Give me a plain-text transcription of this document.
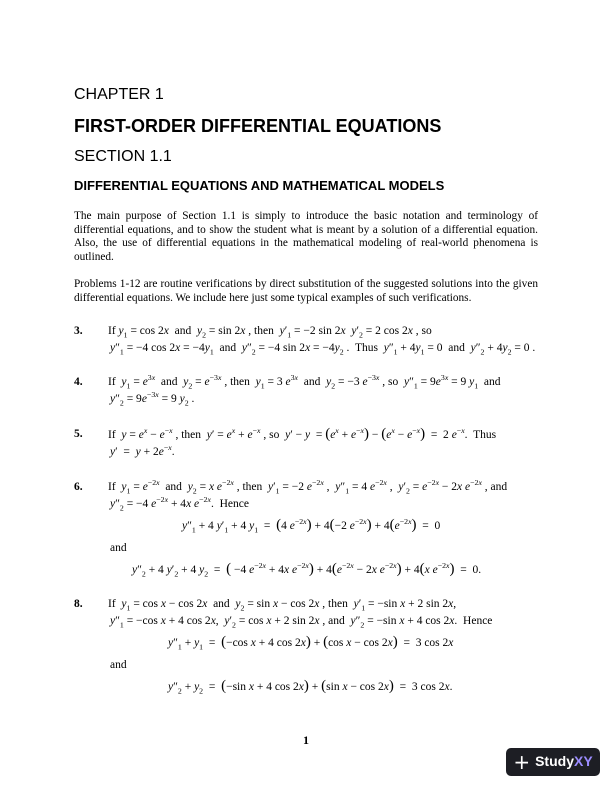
CHAPTER 1
FIRST-ORDER DIFFERENTIAL EQUATIONS
SECTION 1.1
DIFFERENTIAL EQUATIONS AND MATHEMATICAL MODELS
The main purpose of Section 1.1 is simply to introduce the basic notation and terminology of differential equations, and to show the student what is meant by a solution of a differential equation. Also, the use of differential equations in the mathematical modeling of real-world phenomena is outlined.
Problems 1-12 are routine verifications by direct substitution of the suggested solutions into the given differential equations. We include here just some typical examples of such verifications.
3. If $y_1 = \cos 2x$ and $y_2 = \sin 2x$ , then $y'_1 = -2$ sin 2x $y'_2 = 2$ cos 2x , so
$y''_1 = -4$ $\cos 2x = -4y_1$  and  $y''_2 = -4$ $\sin 2x = -4y_2$ .  Thus  $y''_1 + 4y_1 = 0$  and  $y''_2 + 4y_2 = 0$ .
4. If  $y_1 = e^{3x}$  and  $y_2 = e^{-3x}$ , then  $y_1 = 3$ $e^{3x}$  and  $y_2 = -3$ $e^{-3x}$ , so  $y''_1 = 9e^{3x} = 9$ $y_1$  and
$y''_2 = 9e^{-3x} = 9$ $y_2$ .
5. If  $y = e^x - e^{-x}$ , then  $y' = e^x + e^{-x}$ , so  $y' - y = (e^x + e^{-x}) - (e^x - e^{-x}) = 2$ $e^{-x}$.  Thus
$y' = y + 2e^{-x}$.
6. If  $y_1 = e^{-2x}$  and  $y_2 = x$ $e^{-2x}$ , then  $y'_1 = -2$ $e^{-2x}$ ,  $y''_1 = 4$ $e^{-2x}$ ,  $y'_2 = e^{-2x} - 2x$ $e^{-2x}$ , and
$y''_2 = -4$ $e^{-2x} + 4x$ $e^{-2x}$.  Hence
$y''_1 + 4$ $y'_1 + 4$ $y_1 = (4$ $e^{-2x}) + 4(-2$ $e^{-2x}) + 4(e^{-2x}) = 0$
and
$y''_2 + 4$ $y'_2 + 4$ $y_2$  =  ( −4 $e^{-2x} + 4x$ $e^{-2x}) + 4(e^{-2x} - 2x$ $e^{-2x}) + 4(x$ $e^{-2x}) = 0$.
8. If  $y_1 = \cos x - \cos 2x$  and  $y_2 = \sin x - \cos 2x$ , then  $y'_1 = -\sin$ x + 2 sin 2x,
$y''_1 = -\cos$ x + 4 cos 2x,  $y'_2 = \cos x + 2$ sin 2x , and  $y''_2 = -\sin$ x + 4 cos 2x.  Hence
$y''_1 + y_1 = (-\cos$ x + 4 cos 2x) + (cos x − cos 2x)  =  3 cos 2x
and
$y''_2 + y_2 = (-\sin$ x + 4 cos 2x) + (sin x − cos 2x)  =  3 cos 2x.
1
+ StudyXY
